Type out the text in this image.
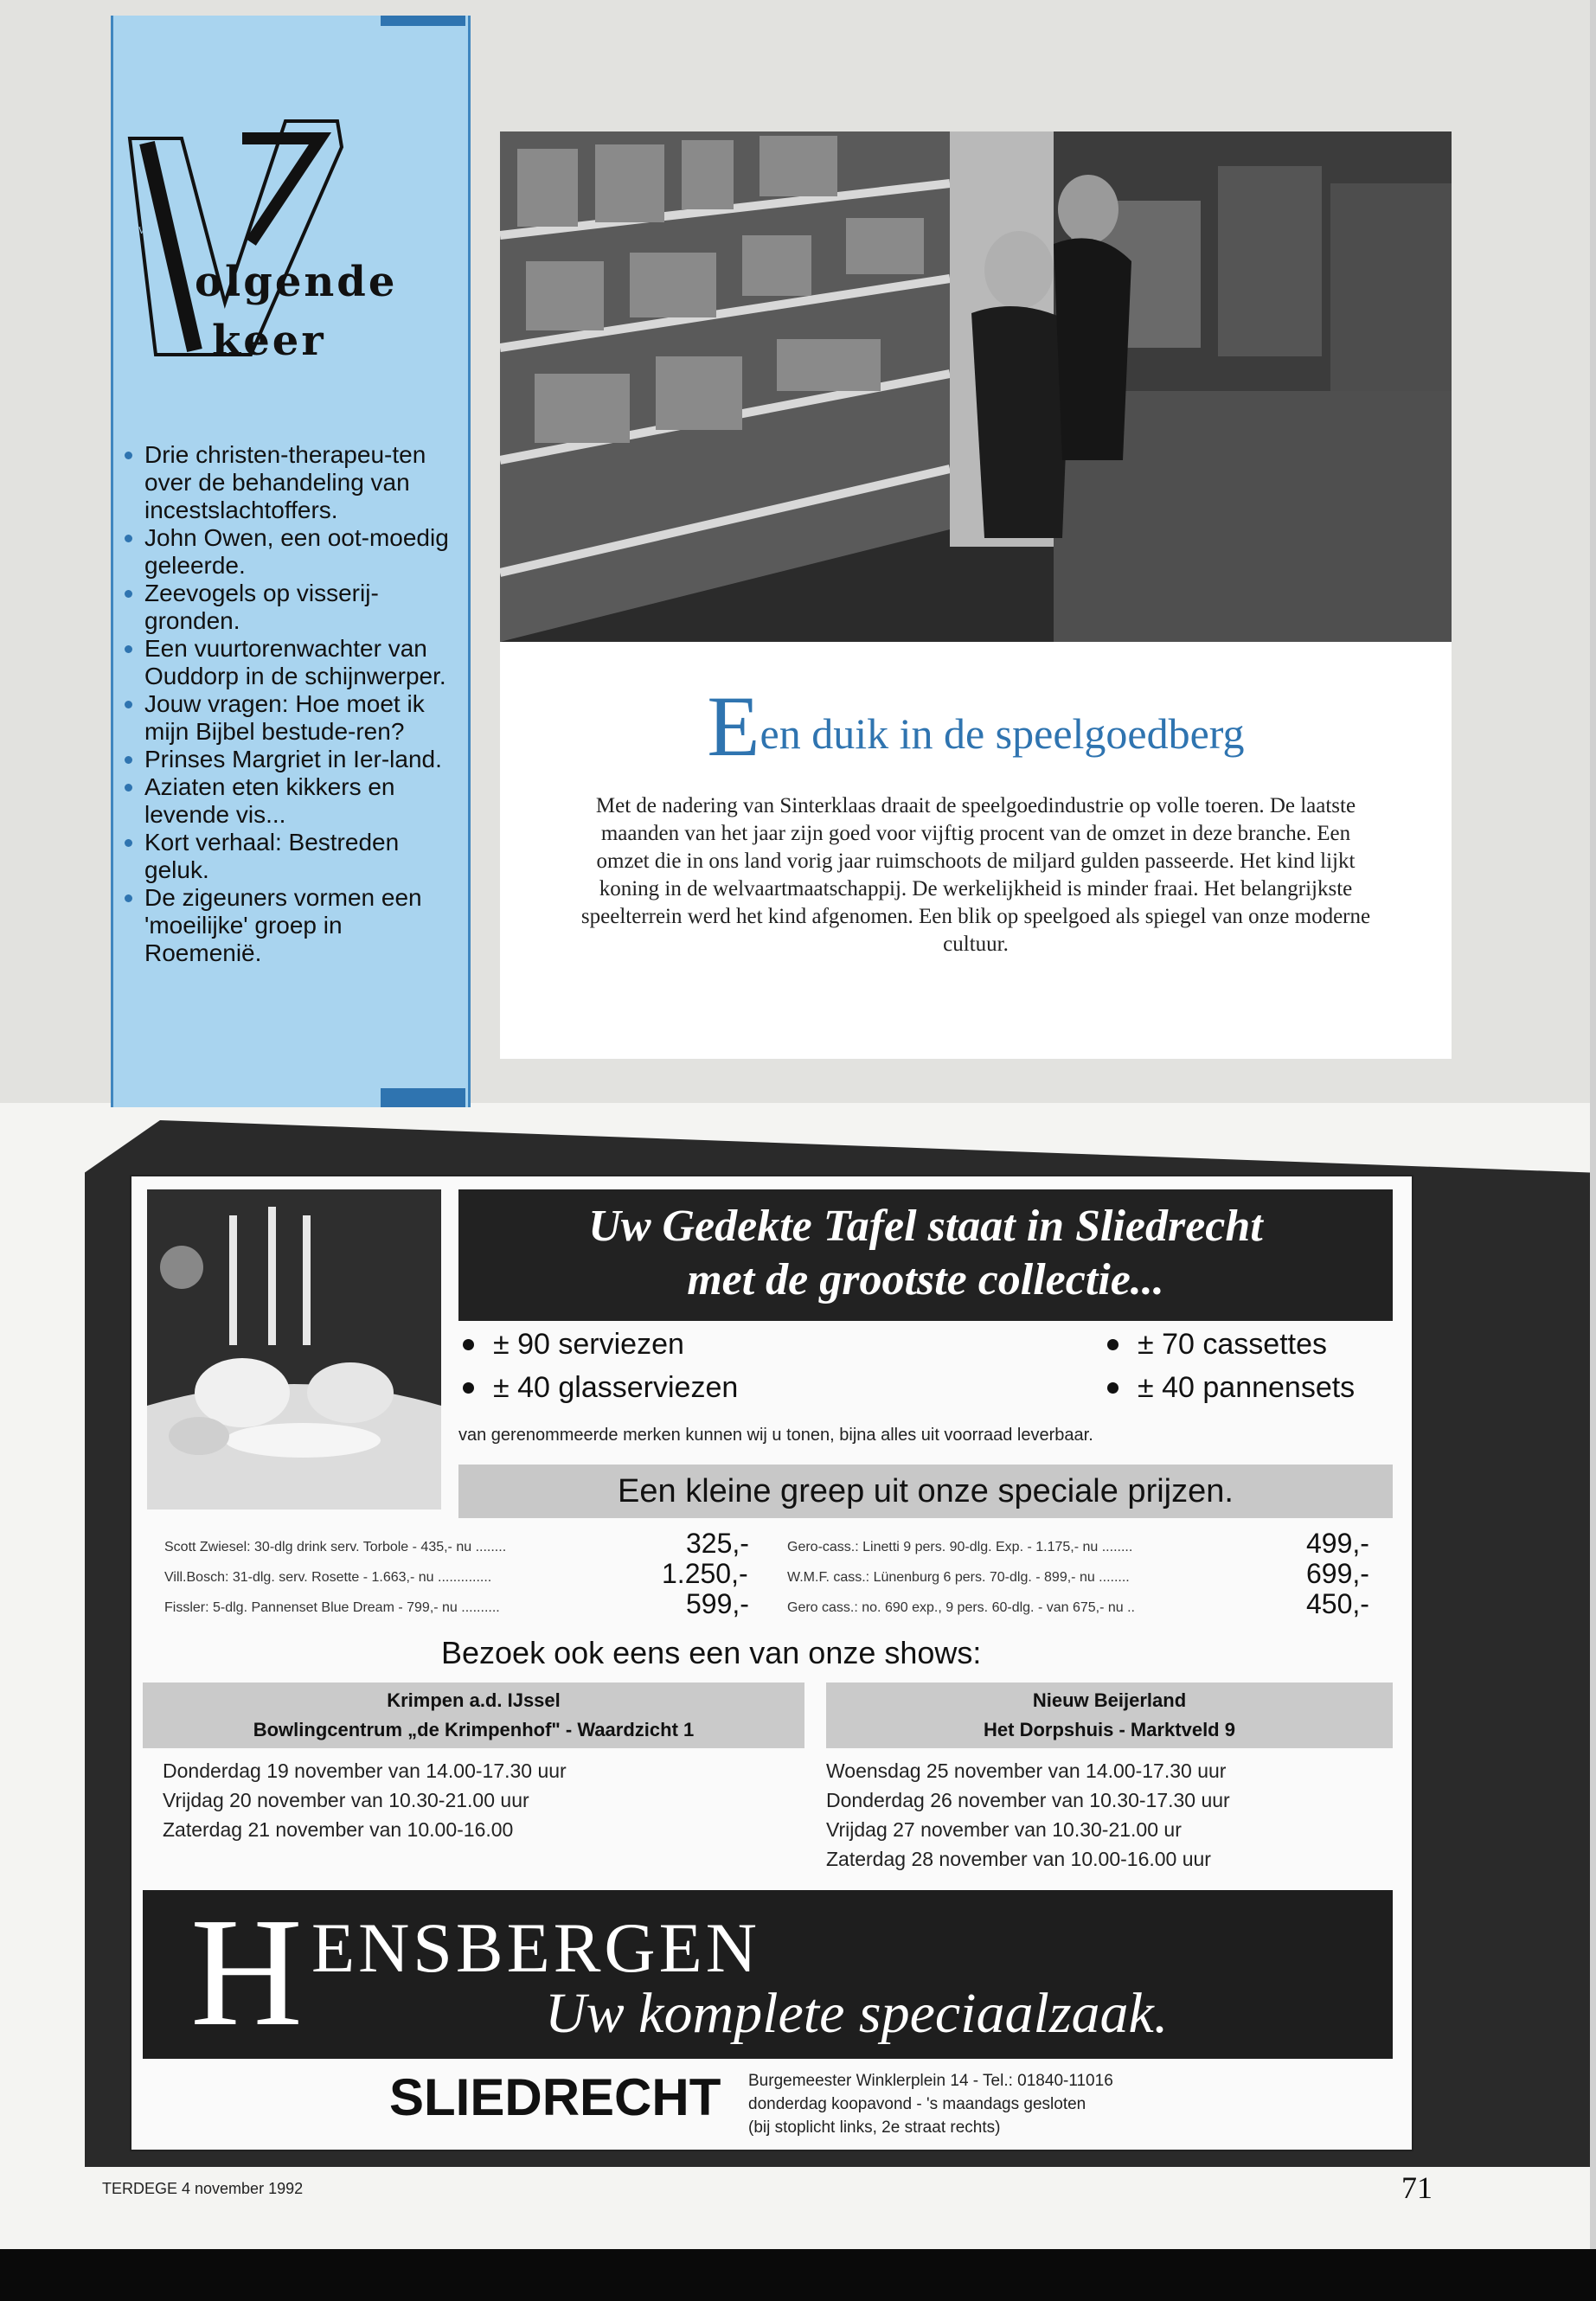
V
olgende
keer
Drie christen-therapeu-ten over de behandeling van incestslachtoffers.
John Owen, een oot-moedig geleerde.
Zeevogels op visserij-gronden.
Een vuurtorenwachter van Ouddorp in de schijnwerper.
Jouw vragen: Hoe moet ik mijn Bijbel bestude-ren?
Prinses Margriet in Ier-land.
Aziaten eten kikkers en levende vis...
Kort verhaal: Bestreden geluk.
De zigeuners vormen een 'moeilijke' groep in Roemenië.
Een duik in de speelgoedberg
Met de nadering van Sinterklaas draait de speelgoedindustrie op volle toeren. De laatste maanden van het jaar zijn goed voor vijftig procent van de omzet in deze branche. Een omzet die in ons land vorig jaar ruimschoots de miljard gulden passeerde. Het kind lijkt koning in de welvaartmaatschappij. De werkelijkheid is minder fraai. Het belangrijkste speelterrein werd het kind afgenomen. Een blik op speelgoed als spiegel van onze moderne cultuur.
Uw Gedekte Tafel staat in Sliedrecht
met de grootste collectie...
± 90 serviezen
± 40 glasserviezen
± 70 cassettes
± 40 pannensets
van gerenommeerde merken kunnen wij u tonen, bijna alles uit voorraad leverbaar.
Een kleine greep uit onze speciale prijzen.
Scott Zwiesel: 30-dlg drink serv. Torbole - 435,- nu ........	325,-
Vill.Bosch: 31-dlg. serv. Rosette - 1.663,- nu ..............	1.250,-
Fissler: 5-dlg. Pannenset Blue Dream - 799,- nu ..........	599,-
Gero-cass.: Linetti 9 pers. 90-dlg. Exp. - 1.175,- nu ........	499,-
W.M.F. cass.: Lünenburg 6 pers. 70-dlg. - 899,- nu ........	699,-
Gero cass.: no. 690 exp., 9 pers. 60-dlg. - van 675,- nu ..	450,-
Bezoek ook eens een van onze shows:
Krimpen a.d. IJssel
Bowlingcentrum „de Krimpenhof" - Waardzicht 1
Donderdag 19 november van 14.00-17.30 uur
Vrijdag 20 november van 10.30-21.00 uur
Zaterdag 21 november van 10.00-16.00
Nieuw Beijerland
Het Dorpshuis - Marktveld 9
Woensdag 25 november van 14.00-17.30 uur
Donderdag 26 november van 10.30-17.30 uur
Vrijdag 27 november van 10.30-21.00 ur
Zaterdag 28 november van 10.00-16.00 uur
H ENSBERGEN
Uw komplete speciaalzaak.
SLIEDRECHT Burgemeester Winklerplein 14 - Tel.: 01840-11016
donderdag koopavond - 's maandags gesloten
(bij stoplicht links, 2e straat rechts)
TERDEGE 4 november 1992	71
